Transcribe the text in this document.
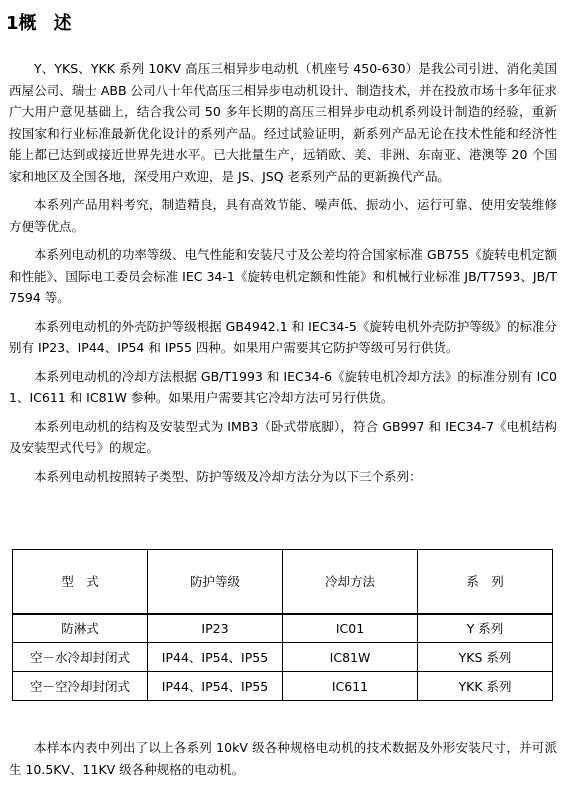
1概 述

Y、YKS、YKK 系列 10KV 高压三相异步电动机（机座号 450-630）是我公司引进、消化美国西屋公司、瑞士 ABB 公司八十年代高压三相异步电动机设计、制造技术，并在投放市场十多年征求广大用户意见基础上，结合我公司 50 多年长期的高压三相异步电动机系列设计制造的经验，重新按国家和行业标准最新优化设计的系列产品。经过试验证明，新系列产品无论在技术性能和经济性能上都已达到或接近世界先进水平。已大批量生产，远销欧、美、非洲、东南亚、港澳等 20 个国家和地区及全国各地，深受用户欢迎，是 JS、JSQ 老系列产品的更新换代产品。

本系列产品用料考究，制造精良，具有高效节能、噪声低、振动小、运行可靠、使用安装维修方便等优点。

本系列电动机的功率等级、电气性能和安装尺寸及公差均符合国家标准 GB755《旋转电机定额和性能》、国际电工委员会标准 IEC 34-1《旋转电机定额和性能》和机械行业标准 JB/T7593、JB/T7594 等。

本系列电动机的外壳防护等级根据 GB4942.1 和 IEC34-5《旋转电机外壳防护等级》的标准分别有 IP23、IP44、IP54 和 IP55 四种。如果用户需要其它防护等级可另行供货。

本系列电动机的冷却方法根据 GB/T1993 和 IEC34-6《旋转电机冷却方法》的标准分别有 IC01、IC611 和 IC81W 参种。如果用户需要其它冷却方法可另行供货。

本系列电动机的结构及安装型式为 IMB3（卧式带底脚），符合 GB997 和 IEC34-7《电机结构及安装型式代号》的规定。

本系列电动机按照转子类型、防护等级及冷却方法分为以下三个系列：

型　式	防护等级	冷却方法	系　列
防淋式	IP23	IC01	Y 系列
空－水冷却封闭式	IP44、IP54、IP55	IC81W	YKS 系列
空－空冷却封闭式	IP44、IP54、IP55	IC611	YKK 系列

本样本内表中列出了以上各系列 10kV 级各种规格电动机的技术数据及外形安装尺寸，并可派生 10.5KV、11KV 级各种规格的电动机。
